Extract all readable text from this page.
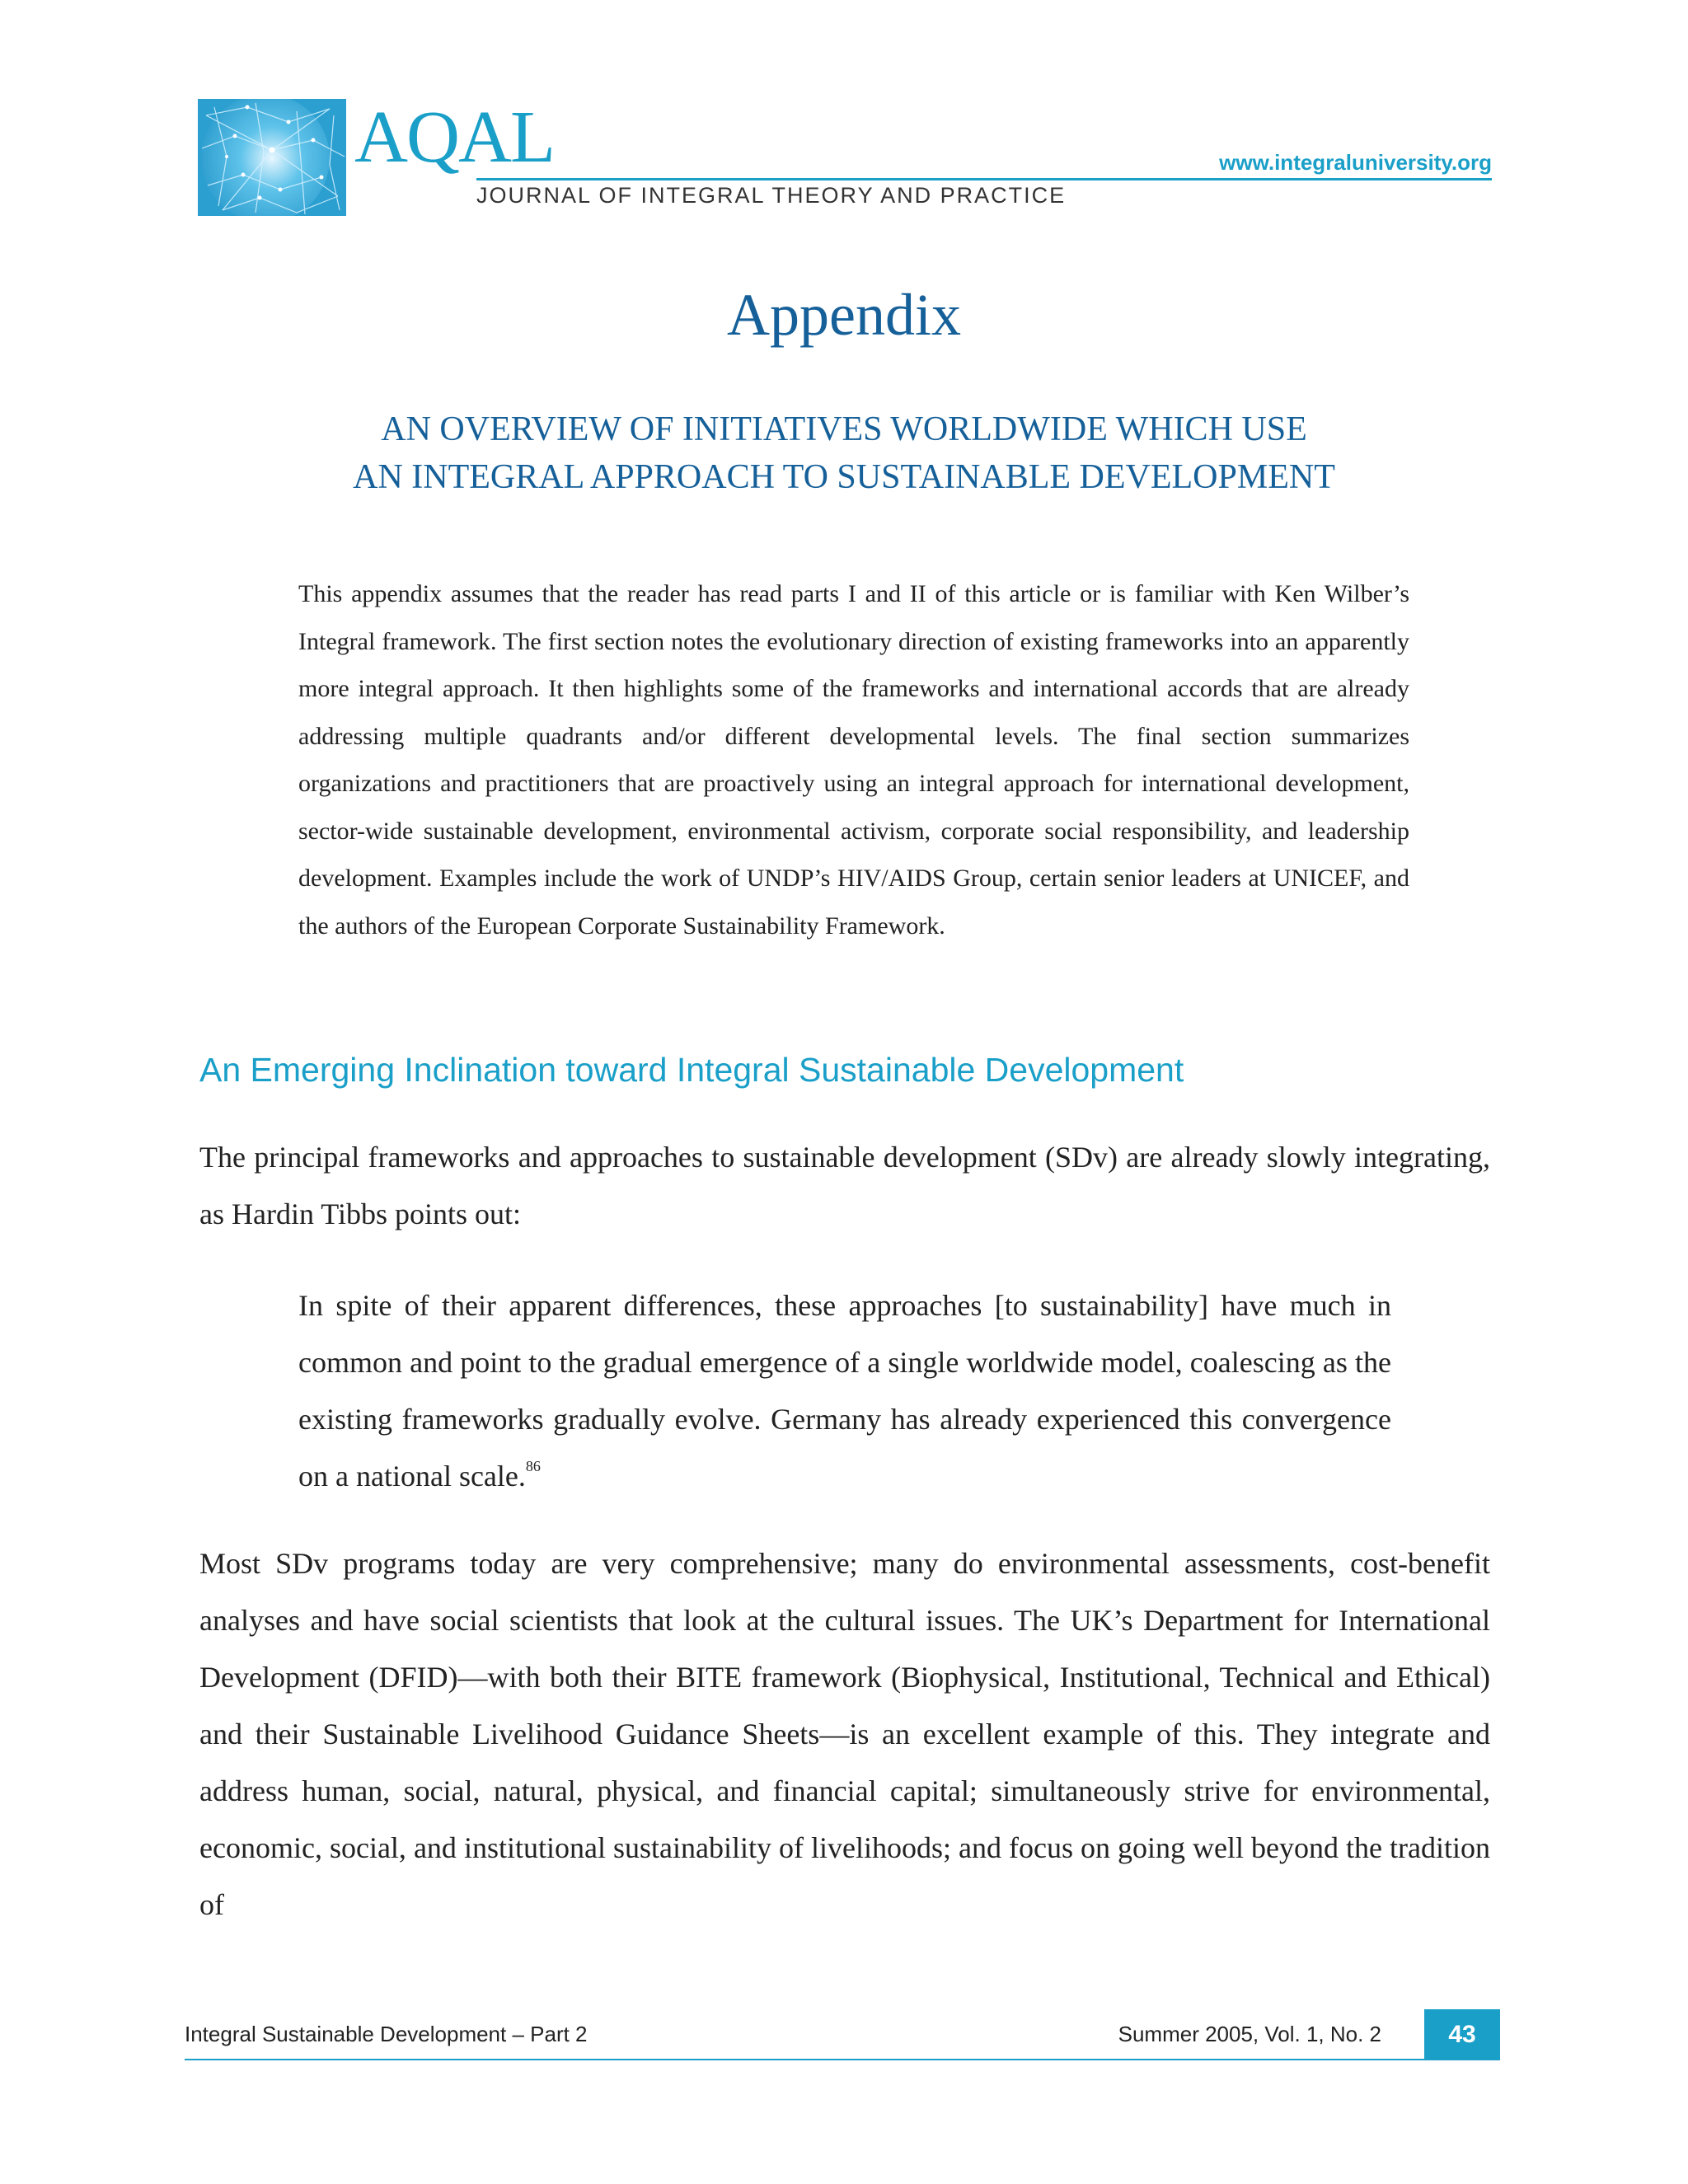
AQAL
JOURNAL OF INTEGRAL THEORY AND PRACTICE
www.integraluniversity.org
Appendix
AN OVERVIEW OF INITIATIVES WORLDWIDE WHICH USE
AN INTEGRAL APPROACH TO SUSTAINABLE DEVELOPMENT
This appendix assumes that the reader has read parts I and II of this article or is familiar with Ken Wilber’s Integral framework. The first section notes the evolutionary direction of existing frameworks into an apparently more integral approach. It then highlights some of the frameworks and international accords that are already addressing multiple quadrants and/or different developmental levels. The final section summarizes organizations and practitioners that are proactively using an integral approach for international development, sector-wide sustainable development, environmental activism, corporate social responsibility, and leadership development. Examples include the work of UNDP’s HIV/AIDS Group, certain senior leaders at UNICEF, and the authors of the European Corporate Sustainability Framework.
An Emerging Inclination toward Integral Sustainable Development
The principal frameworks and approaches to sustainable development (SDv) are already slowly integrating, as Hardin Tibbs points out:
In spite of their apparent differences, these approaches [to sustainability] have much in common and point to the gradual emergence of a single worldwide model, coalescing as the existing frameworks gradually evolve. Germany has already experienced this convergence on a national scale.$^{86}$
Most SDv programs today are very comprehensive; many do environmental assessments, cost-benefit analyses and have social scientists that look at the cultural issues. The UK’s Department for International Development (DFID)—with both their BITE framework (Biophysical, Institutional, Technical and Ethical) and their Sustainable Livelihood Guidance Sheets—is an excellent example of this. They integrate and address human, social, natural, physical, and financial capital; simultaneously strive for environmental, economic, social, and institutional sustainability of livelihoods; and focus on going well beyond the tradition of
Integral Sustainable Development – Part 2	Summer 2005, Vol. 1, No. 2	43
